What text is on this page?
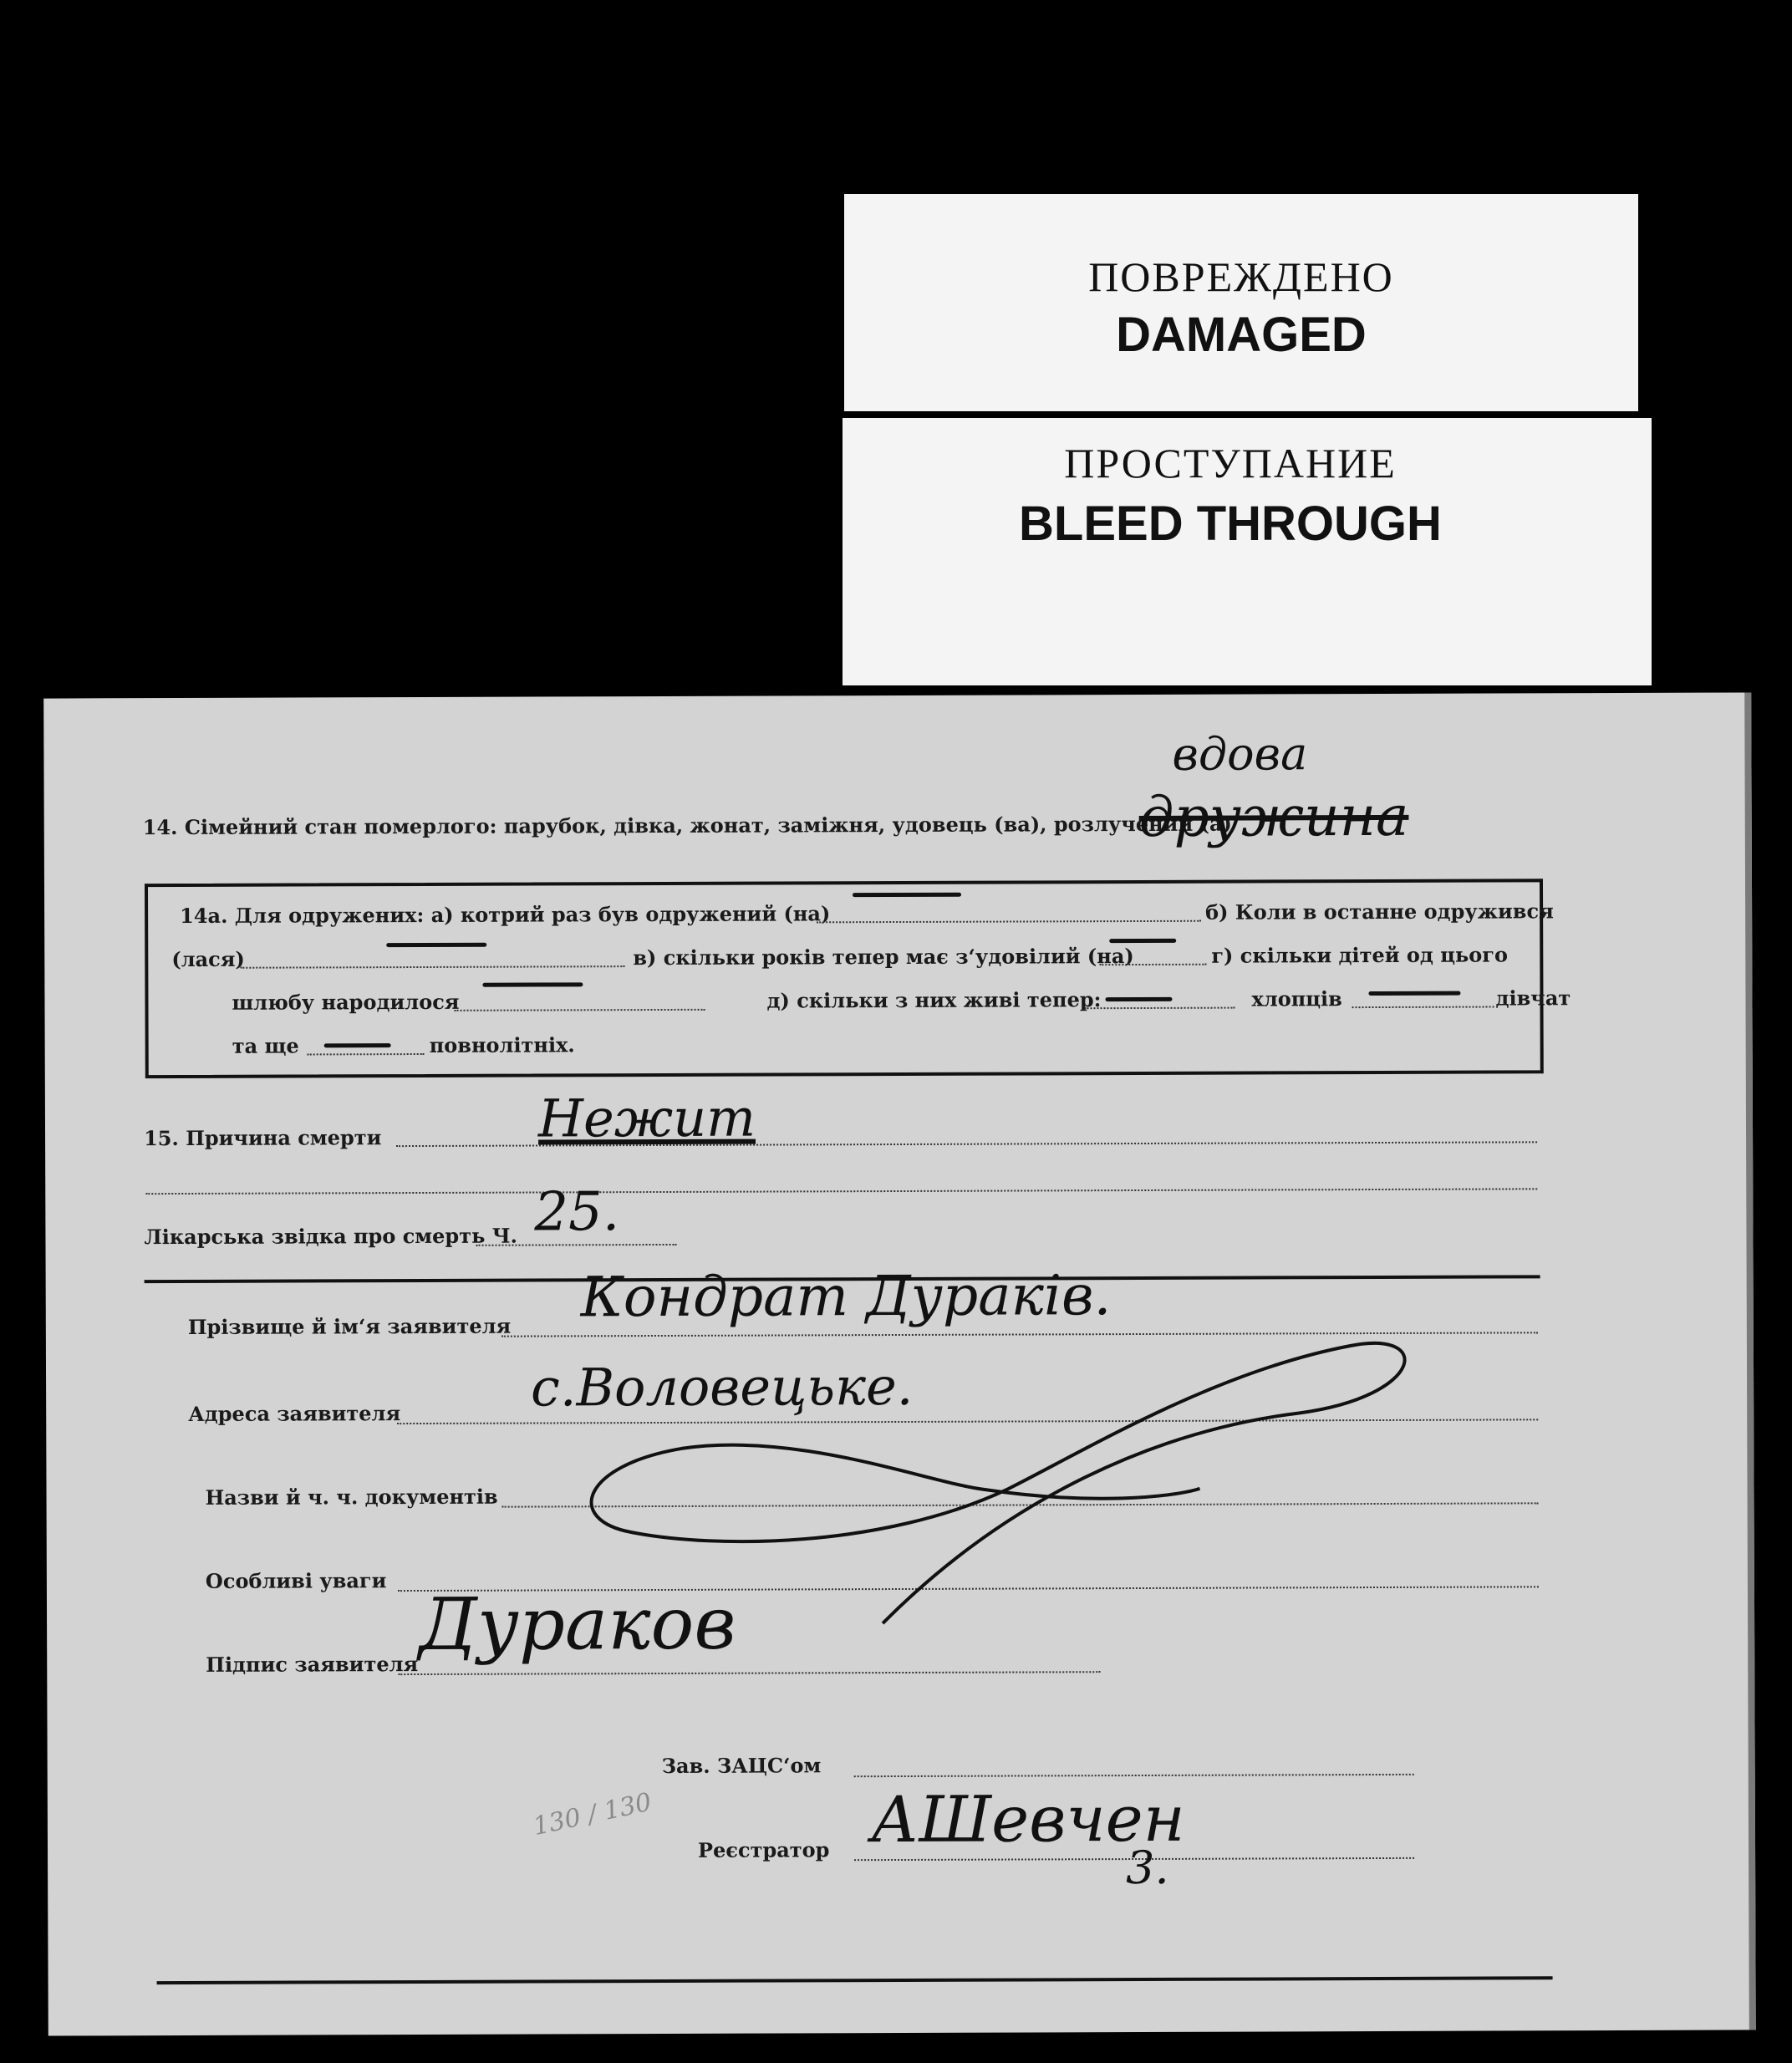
ПОВРЕЖДЕНО
DAMAGED
ПРОСТУПАНИЕ
BLEED THROUGH
14. Сімейний стан померлого: парубок, дівка, жонат, заміжня, удовець (ва), розлучений (а)
вдова
дружина
14а. Для одружених: а) котрий раз був одружений (на)	б) Коли в останне одружився
(лася)	в) скільки років тепер має з‘удовілий (на)	г) скільки дітей од цього
шлюбу народилося	д) скільки з них живі тепер:	хлопців	дівчат
та ще	повнолітніх.
15. Причина смерти	Нежит
Лікарська звідка про смерть Ч. 25.
Прізвище й ім‘я заявителя Кондрат Дураків.
Адреса заявителя	с.Воловецьке.
Назви й ч. ч. документів
Особливі уваги
Підпис заявителя Дураков
Зав. ЗАЦС‘ом
Реєстратор АШевчен
3.
130 / 130
